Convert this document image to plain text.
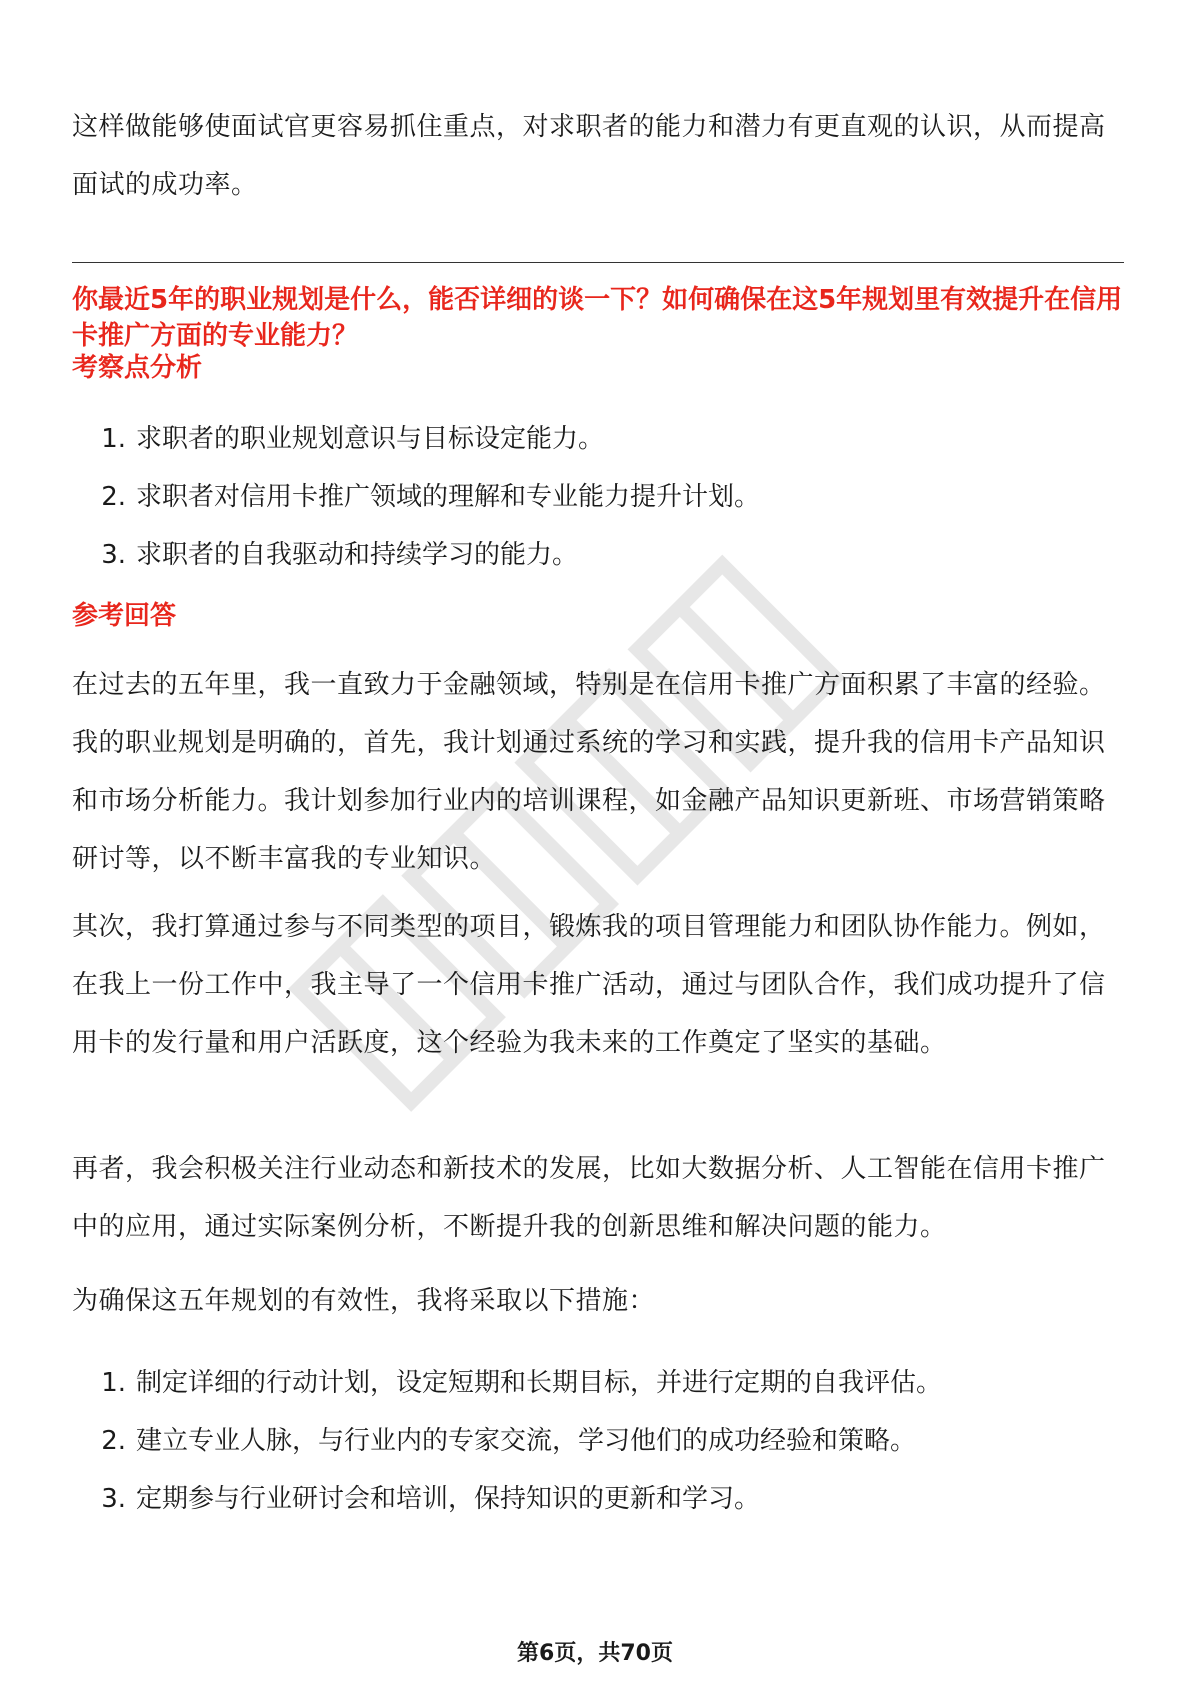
这样做能够使面试官更容易抓住重点，对求职者的能力和潜力有更直观的认识，从而提高面试的成功率。

你最近5年的职业规划是什么，能否详细的谈一下？如何确保在这5年规划里有效提升在信用卡推广方面的专业能力？

考察点分析

1. 求职者的职业规划意识与目标设定能力。
2. 求职者对信用卡推广领域的理解和专业能力提升计划。
3. 求职者的自我驱动和持续学习的能力。

参考回答

在过去的五年里，我一直致力于金融领域，特别是在信用卡推广方面积累了丰富的经验。我的职业规划是明确的，首先，我计划通过系统的学习和实践，提升我的信用卡产品知识和市场分析能力。我计划参加行业内的培训课程，如金融产品知识更新班、市场营销策略研讨等，以不断丰富我的专业知识。

其次，我打算通过参与不同类型的项目，锻炼我的项目管理能力和团队协作能力。例如，在我上一份工作中，我主导了一个信用卡推广活动，通过与团队合作，我们成功提升了信用卡的发行量和用户活跃度，这个经验为我未来的工作奠定了坚实的基础。

再者，我会积极关注行业动态和新技术的发展，比如大数据分析、人工智能在信用卡推广中的应用，通过实际案例分析，不断提升我的创新思维和解决问题的能力。

为确保这五年规划的有效性，我将采取以下措施：

1. 制定详细的行动计划，设定短期和长期目标，并进行定期的自我评估。
2. 建立专业人脉，与行业内的专家交流，学习他们的成功经验和策略。
3. 定期参与行业研讨会和培训，保持知识的更新和学习。
第6页，共70页
